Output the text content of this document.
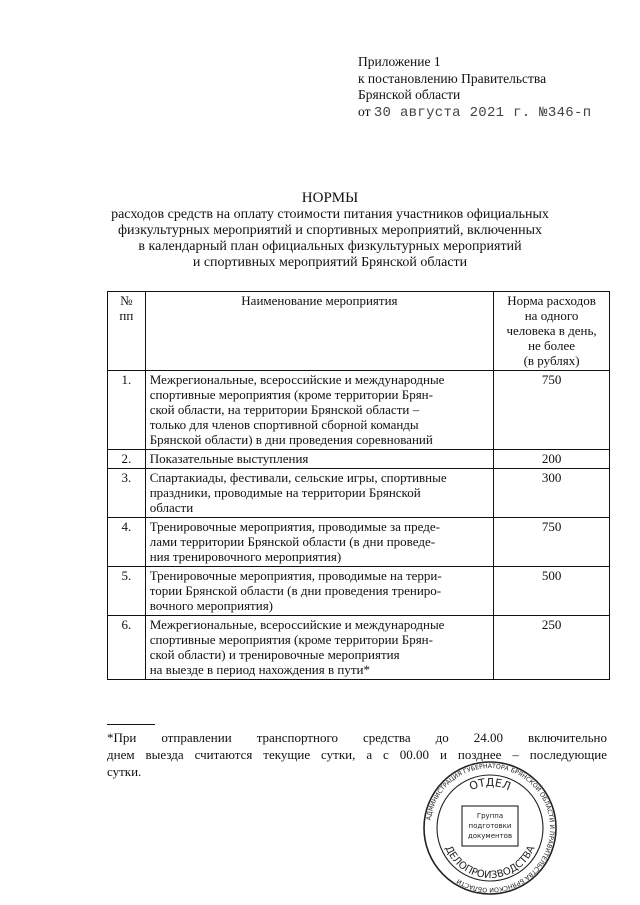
Приложение 1
к постановлению Правительства
Брянской области
от 30 августа 2021 г. №346-п
НОРМЫ
расходов средств на оплату стоимости питания участников официальных
физкультурных мероприятий и спортивных мероприятий, включенных
в календарный план официальных физкультурных мероприятий
и спортивных мероприятий Брянской области
№
пп	Наименование мероприятия	Норма расходов
на одного
человека в день,
не более
(в рублях)

1.	Межрегиональные, всероссийские и международные
спортивные мероприятия (кроме территории Брян-
ской области, на территории Брянской области –
только для членов спортивной сборной команды
Брянской области) в дни проведения соревнований	750
2.	Показательные выступления	200
3.	Спартакиады, фестивали, сельские игры, спортивные
праздники, проводимые на территории Брянской
области	300
4.	Тренировочные мероприятия, проводимые за преде-
лами территории Брянской области (в дни проведе-
ния тренировочного мероприятия)	750
5.	Тренировочные мероприятия, проводимые на терри-
тории Брянской области (в дни проведения трениро-
вочного мероприятия)	500
6.	Межрегиональные, всероссийские и международные
спортивные мероприятия (кроме территории Брян-
ской области) и тренировочные мероприятия
на выезде в период нахождения в пути*	250
*При отправлении транспортного средства до 24.00 включительно
днем выезда считаются текущие сутки, а с 00.00 и позднее – последующие
сутки.
АДМИНИСТРАЦИЯ ГУБЕРНАТОРА БРЯНСКОЙ ОБЛАСТИ И ПРАВИТЕЛЬСТВА БРЯНСКОЙ ОБЛАСТИ
ОТДЕЛ
ДЕЛОПРОИЗВОДСТВА
Группа
подготовки
документов
